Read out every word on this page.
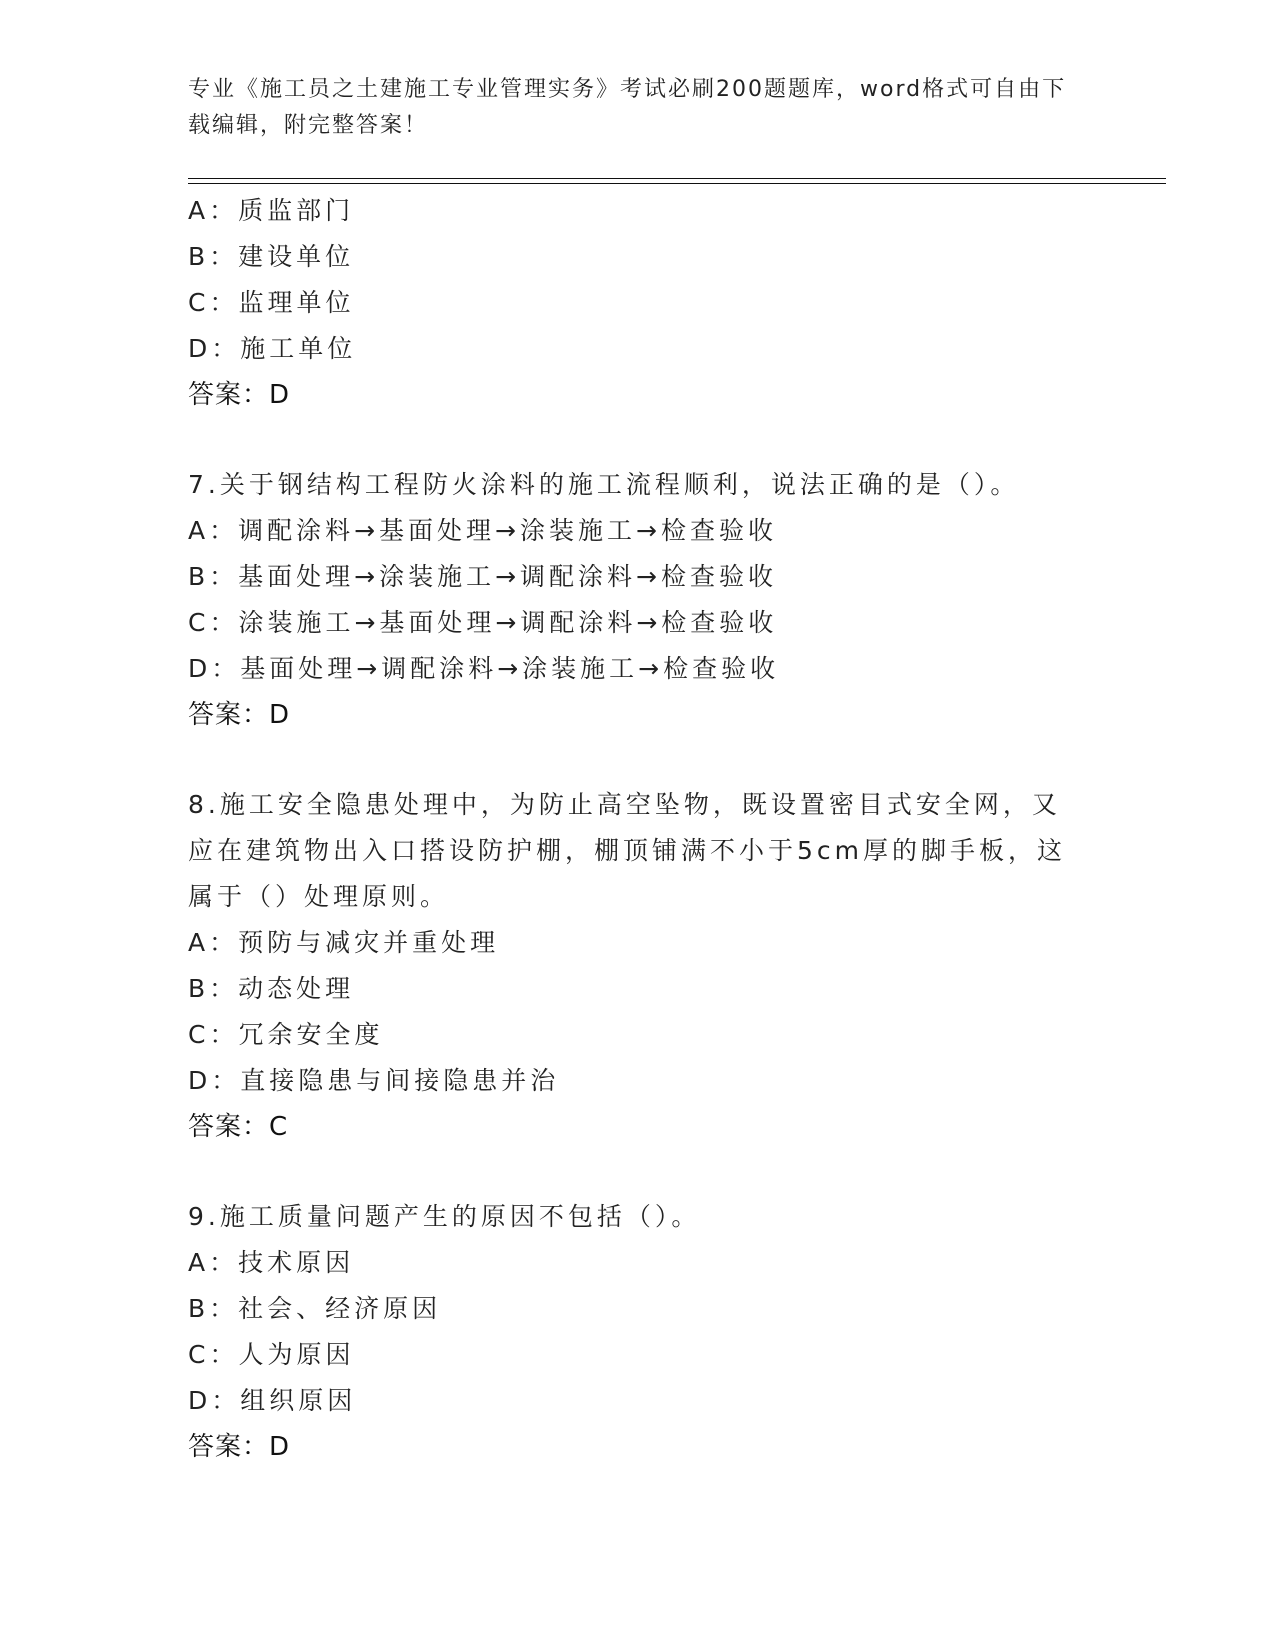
专业《施工员之土建施工专业管理实务》考试必刷200题题库，word格式可自由下载编辑，附完整答案！
A：质监部门
B：建设单位
C：监理单位
D：施工单位
答案：D
7.关于钢结构工程防火涂料的施工流程顺利，说法正确的是（）。
A：调配涂料→基面处理→涂装施工→检查验收
B：基面处理→涂装施工→调配涂料→检查验收
C：涂装施工→基面处理→调配涂料→检查验收
D：基面处理→调配涂料→涂装施工→检查验收
答案：D
8.施工安全隐患处理中，为防止高空坠物，既设置密目式安全网，又应在建筑物出入口搭设防护棚，棚顶铺满不小于5cm厚的脚手板，这属于（）处理原则。
A：预防与减灾并重处理
B：动态处理
C：冗余安全度
D：直接隐患与间接隐患并治
答案：C
9.施工质量问题产生的原因不包括（）。
A：技术原因
B：社会、经济原因
C：人为原因
D：组织原因
答案：D
